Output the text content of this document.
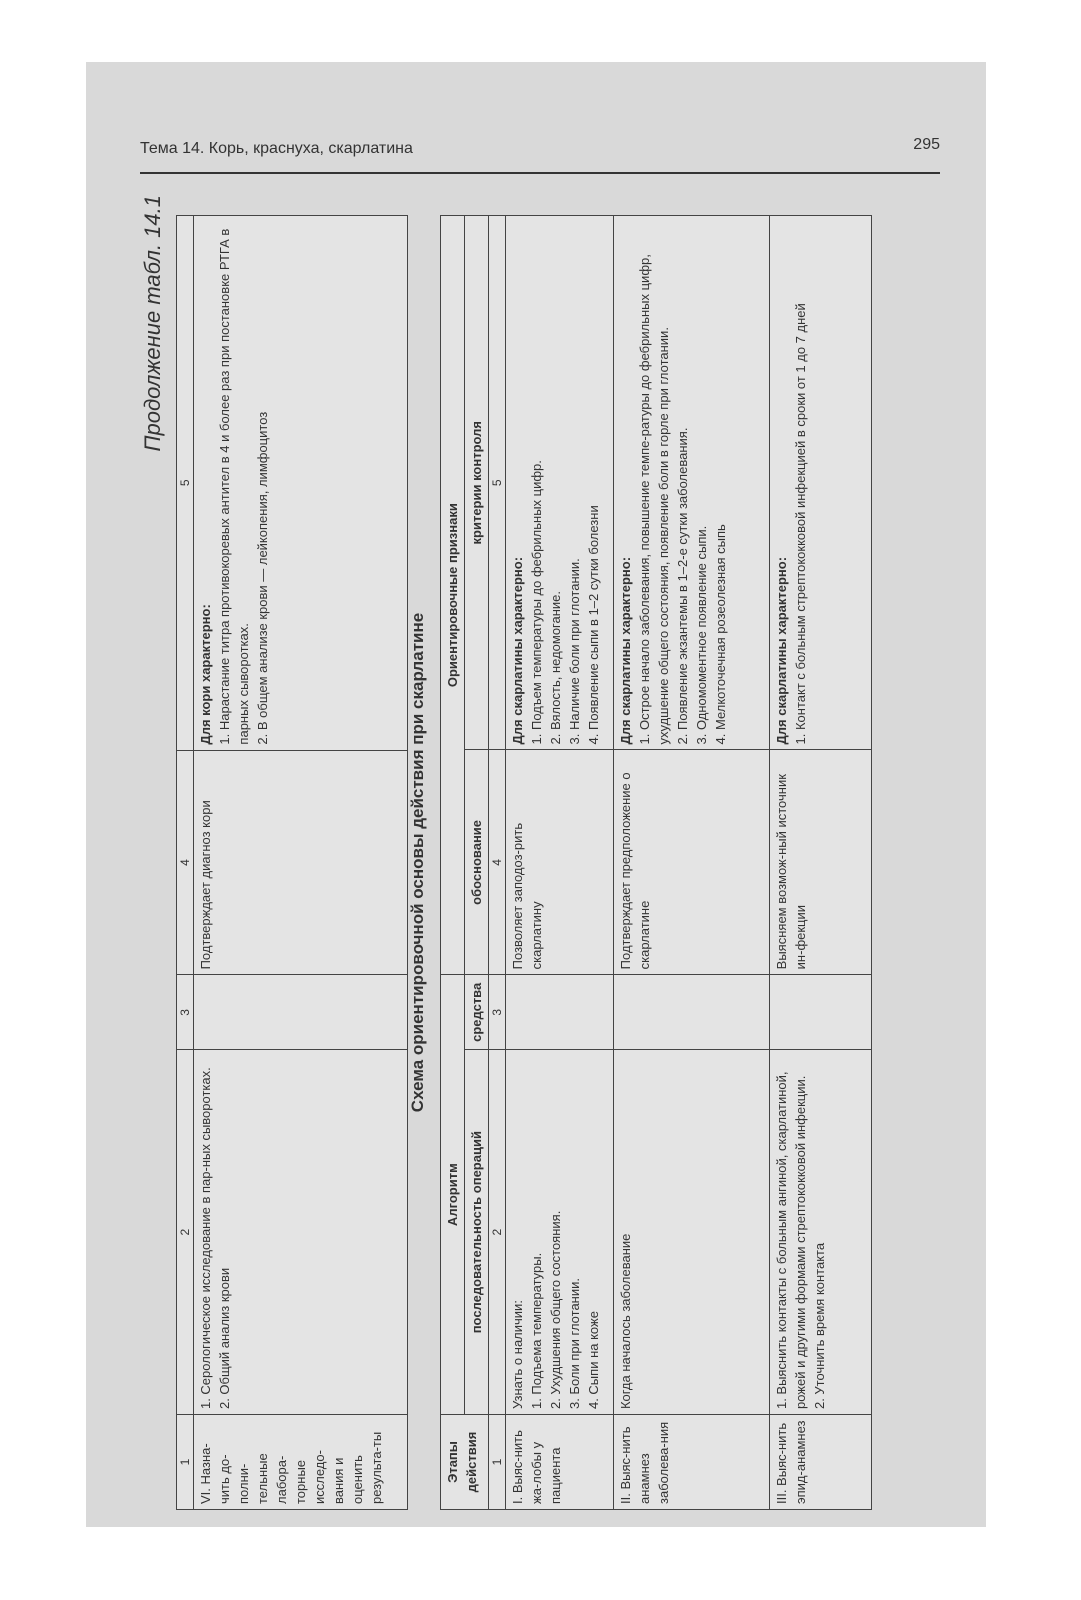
Тема 14. Корь, краснуха, скарлатина	295
Продолжение табл. 14.1
1	2	3	4	5
VI. Назна-чить до-полни-тельные лабора-торные исследо-вания и оценить результа-ты	1. Серологическое исследование в пар-ных сыворотках. 2. Общий анализ крови		Подтверждает диагноз кори	Для кори характерно: 1. Нарастание титра противокоревых антител в 4 и более раз при постановке РТГА в парных сыворотках. 2. В общем анализе крови — лейкопения, лимфоцитоз
Схема ориентировочной основы действия при скарлатине
Этапы действия	Алгоритм		Ориентировочные признаки	
	последовательность операций	средства	обоснование	критерии контроля
1	2	3	4	5
I. Выяс-нить жа-лобы у пациента	Узнать о наличии: 1. Подъема температуры. 2. Ухудшения общего состояния. 3. Боли при глотании. 4. Сыпи на коже		Позволяет заподоз-рить скарлатину	Для скарлатины характерно: 1. Подъем температуры до фебрильных цифр. 2. Вялость, недомогание. 3. Наличие боли при глотании. 4. Появление сыпи в 1–2 сутки болезни

II. Выяс-нить анамнез заболева-ния	Когда началось заболевание		Подтверждает предположение о скарлатине	Для скарлатины характерно: 1. Острое начало заболевания, повышение темпе-ратуры до фебрильных цифр, ухудшение общего состояния, появление боли в горле при глотании. 2. Появление экзантемы в 1–2-е сутки заболевания. 3. Одномоментное появление сыпи. 4. Мелкоточечная розеолезная сыпь

III. Выяс-нить эпид-анамнез	1. Выяснить контакты с больным ангиной, скарлатиной, рожей и другими формами стрептококковой инфекции. 2. Уточнить время контакта		Выясняем возмож-ный источник ин-фекции	Для скарлатины характерно: 1. Контакт с больным стрептококковой инфекцией в сроки от 1 до 7 дней
